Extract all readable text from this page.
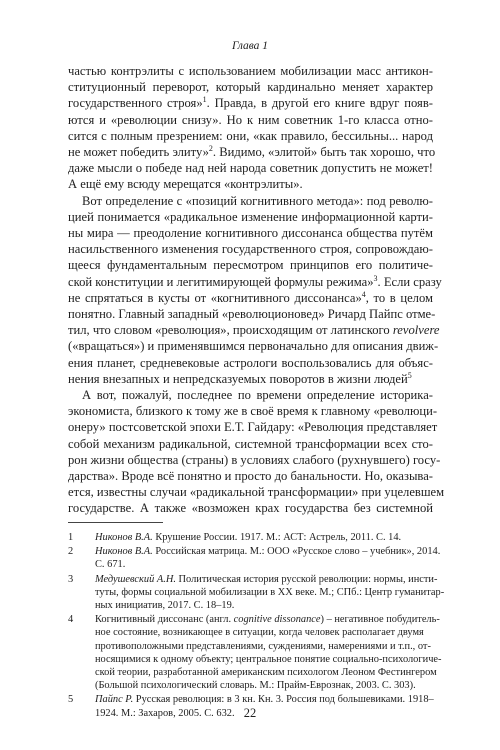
Глава 1
частью контрэлиты с использованием мобилизации масс антикон-
ституционный переворот, который кардинально меняет характер
государственного строя»$^1$. Правда, в другой его книге вдруг появ-
ются и «революции снизу». Но к ним советник 1-го класса отно-
сится с полным презрением: они, «как правило, бессильны... народ
не может победить элиту»$^2$. Видимо, «элитой» быть так хорошо, что
даже мысли о победе над ней народа советник допустить не может!
А ещё ему всюду мерещатся «контрэлиты».
Вот определение с «позиций когнитивного метода»: под револю-
цией понимается «радикальное изменение информационной карти-
ны мира — преодоление когнитивного диссонанса общества путём
насильственного изменения государственного строя, сопровождаю-
щееся фундаментальным пересмотром принципов его политиче-
ской конституции и легитимирующей формулы режима»$^3$. Если сразу
не спрятаться в кусты от «когнитивного диссонанса»$^4$, то в целом
понятно. Главный западный «революционовед» Ричард Пайпс отме-
тил, что словом «революция», происходящим от латинского revolvere
(«вращаться») и применявшимся первоначально для описания движ-
ения планет, средневековые астрологи воспользовались для объяс-
нения внезапных и непредсказуемых поворотов в жизни людей$^5$
А вот, пожалуй, последнее по времени определение историка-
экономиста, близкого к тому же в своё время к главному «революци-
онеру» постсоветской эпохи Е.Т. Гайдару: «Революция представляет
собой механизм радикальной, системной трансформации всех сто-
рон жизни общества (страны) в условиях слабого (рухнувшего) госу-
дарства». Вроде всё понятно и просто до банальности. Но, оказыва-
ется, известны случаи «радикальной трансформации» при уцелевшем
государстве. А также «возможен крах государства без системной
1	Никонов В.А. Крушение России. 1917. М.: АСТ: Астрель, 2011. С. 14.
2	Никонов В.А. Российская матрица. М.: ООО «Русское слово – учебник», 2014.
С. 671.
3	Медушевский А.Н. Политическая история русской революции: нормы, инсти-
туты, формы социальной мобилизации в XX веке. М.; СПб.: Центр гуманитар-
ных инициатив, 2017. С. 18–19.
4	Когнитивный диссонанс (англ. cognitive dissonance) – негативное побудитель-
ное состояние, возникающее в ситуации, когда человек располагает двумя
противоположными представлениями, суждениями, намерениями и т.п., от-
носящимися к одному объекту; центральное понятие социально-психологиче-
ской теории, разработанной американским психологом Леоном Фестингером
(Большой психологический словарь. М.: Прайм-Еврознак, 2003. С. 303).
5	Пайпс Р. Русская революция: в 3 кн. Кн. 3. Россия под большевиками. 1918–
1924. М.: Захаров, 2005. С. 632. 22
